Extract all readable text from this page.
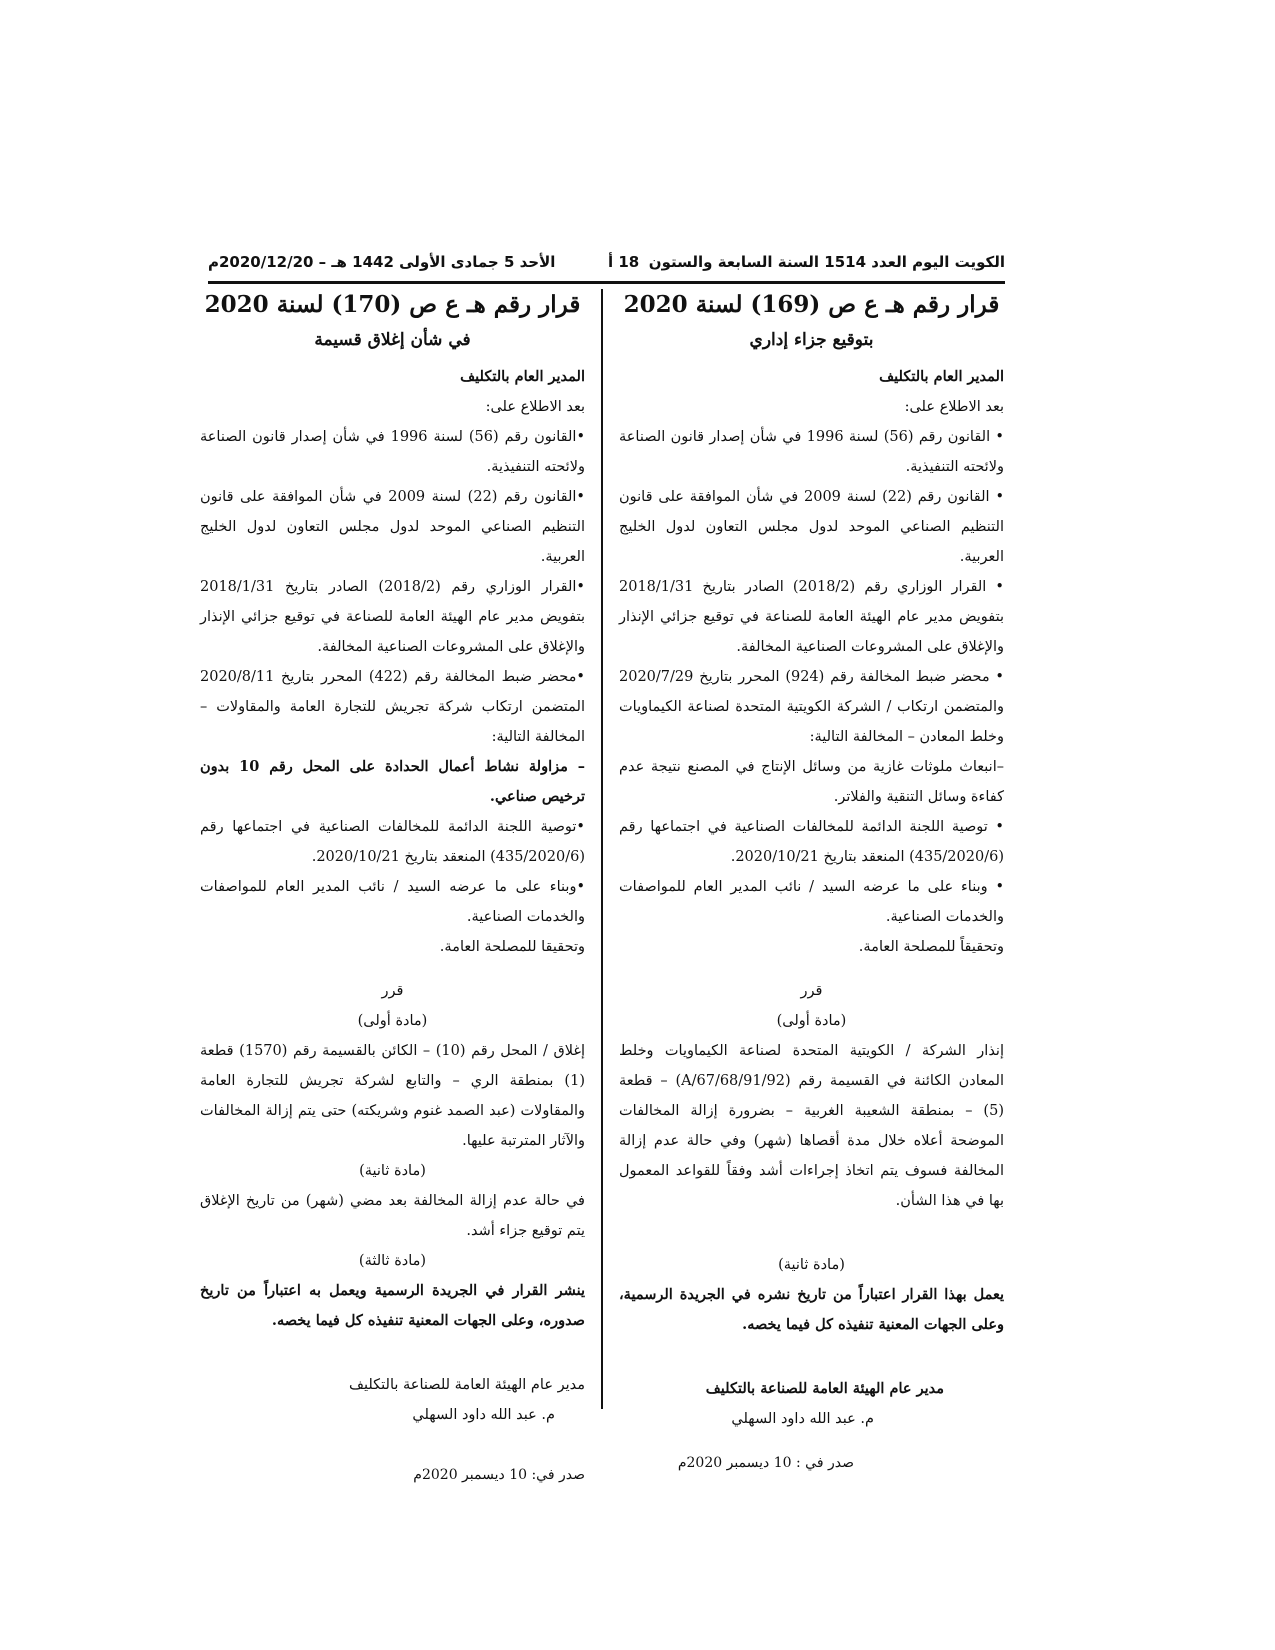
الكويت اليوم العدد 1514 السنة السابعة والستون
18 أ
الأحد 5 جمادى الأولى 1442 هـ – 2020/12/20م
قرار رقم هـ ع ص (169) لسنة 2020
بتوقيع جزاء إداري

المدير العام بالتكليف

بعد الاطلاع على:

• القانون رقم (56) لسنة 1996 في شأن إصدار قانون الصناعة ولائحته التنفيذية.

• القانون رقم (22) لسنة 2009 في شأن الموافقة على قانون التنظيم الصناعي الموحد لدول مجلس التعاون لدول الخليج العربية.

• القرار الوزاري رقم (2018/2) الصادر بتاريخ 2018/1/31 بتفويض مدير عام الهيئة العامة للصناعة في توقيع جزائي الإنذار والإغلاق على المشروعات الصناعية المخالفة.

• محضر ضبط المخالفة رقم (924) المحرر بتاريخ 2020/7/29 والمتضمن ارتكاب / الشركة الكويتية المتحدة لصناعة الكيماويات وخلط المعادن – المخالفة التالية:

–انبعاث ملوثات غازية من وسائل الإنتاج في المصنع نتيجة عدم كفاءة وسائل التنقية والفلاتر.

• توصية اللجنة الدائمة للمخالفات الصناعية في اجتماعها رقم (435/2020/6) المنعقد بتاريخ 2020/10/21.

• وبناء على ما عرضه السيد / نائب المدير العام للمواصفات والخدمات الصناعية.

وتحقيقاً للمصلحة العامة.

قرر

(مادة أولى)

إنذار الشركة / الكويتية المتحدة لصناعة الكيماويات وخلط المعادن الكائنة في القسيمة رقم (A/67/68/91/92) – قطعة (5) – بمنطقة الشعيبة الغربية – بضرورة إزالة المخالفات الموضحة أعلاه خلال مدة أقصاها (شهر) وفي حالة عدم إزالة المخالفة فسوف يتم اتخاذ إجراءات أشد وفقاً للقواعد المعمول بها في هذا الشأن.

(مادة ثانية)

يعمل بهذا القرار اعتباراً من تاريخ نشره في الجريدة الرسمية، وعلى الجهات المعنية تنفيذه كل فيما يخصه.

مدير عام الهيئة العامة للصناعة بالتكليف

م. عبد الله داود السهلي

صدر في : 10 ديسمبر 2020م

قرار رقم هـ ع ص (170) لسنة 2020
في شأن إغلاق قسيمة

المدير العام بالتكليف

بعد الاطلاع على:

•القانون رقم (56) لسنة 1996 في شأن إصدار قانون الصناعة ولائحته التنفيذية.

•القانون رقم (22) لسنة 2009 في شأن الموافقة على قانون التنظيم الصناعي الموحد لدول مجلس التعاون لدول الخليج العربية.

•القرار الوزاري رقم (2018/2) الصادر بتاريخ 2018/1/31 بتفويض مدير عام الهيئة العامة للصناعة في توقيع جزائي الإنذار والإغلاق على المشروعات الصناعية المخالفة.

•محضر ضبط المخالفة رقم (422) المحرر بتاريخ 2020/8/11 المتضمن ارتكاب شركة تجريش للتجارة العامة والمقاولات – المخالفة التالية:

– مزاولة نشاط أعمال الحدادة على المحل رقم 10 بدون ترخيص صناعي.

•توصية اللجنة الدائمة للمخالفات الصناعية في اجتماعها رقم (435/2020/6) المنعقد بتاريخ 2020/10/21.

•وبناء على ما عرضه السيد / نائب المدير العام للمواصفات والخدمات الصناعية.

وتحقيقا للمصلحة العامة.

قرر

(مادة أولى)

إغلاق / المحل رقم (10) – الكائن بالقسيمة رقم (1570) قطعة (1) بمنطقة الري – والتابع لشركة تجريش للتجارة العامة والمقاولات (عبد الصمد غنوم وشريكته) حتى يتم إزالة المخالفات والآثار المترتبة عليها.

(مادة ثانية)

في حالة عدم إزالة المخالفة بعد مضي (شهر) من تاريخ الإغلاق يتم توقيع جزاء أشد.

(مادة ثالثة)

ينشر القرار في الجريدة الرسمية ويعمل به اعتباراً من تاريخ صدوره، وعلى الجهات المعنية تنفيذه كل فيما يخصه.

مدير عام الهيئة العامة للصناعة بالتكليف

م. عبد الله داود السهلي

صدر في: 10 ديسمبر 2020م
